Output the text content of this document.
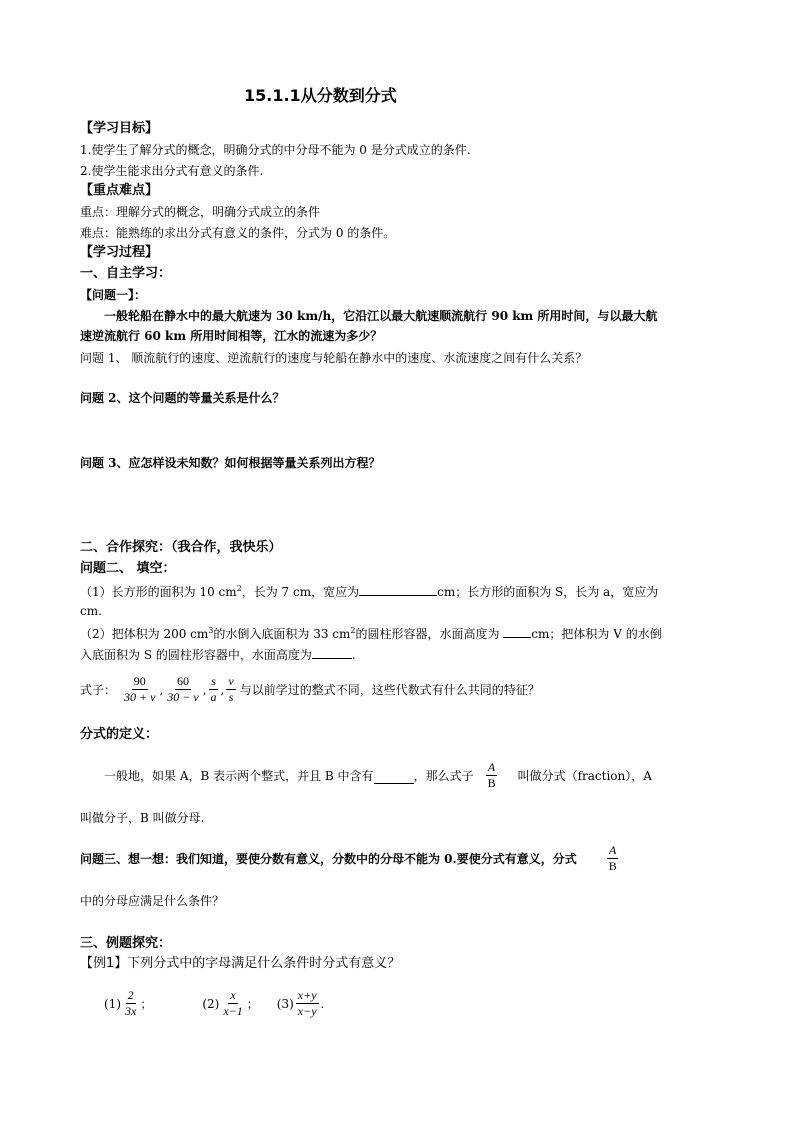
15.1.1从分数到分式
【学习目标】
1.使学生了解分式的概念，明确分式的中分母不能为 0 是分式成立的条件.
2.使学生能求出分式有意义的条件.
【重点难点】
重点：理解分式的概念，明确分式成立的条件
难点：能熟练的求出分式有意义的条件，分式为 0 的条件。
【学习过程】
一、自主学习：
【问题一】：
一般轮船在静水中的最大航速为 30 km/h，它沿江以最大航速顺流航行 90 km 所用时间，与以最大航
速逆流航行 60 km 所用时间相等，江水的流速为多少？
问题 1、 顺流航行的速度、逆流航行的速度与轮船在静水中的速度、水流速度之间有什么关系？
问题 2、这个问题的等量关系是什么？
问题 3、应怎样设未知数？如何根据等量关系列出方程？
二、合作探究：（我合作，我快乐）
问题二、 填空：
（1）长方形的面积为 10 $cm^2$，长为 7 cm，宽应为	cm；长方形的面积为 S，长为 a，宽应为
cm.
（2）把体积为 200 $cm^3$的水倒入底面积为 33 $cm^2$的圆柱形容器，水面高度为 cm；把体积为 V 的水倒
入底面积为 S 的圆柱形容器中，水面高度为	.
式子： $\frac{90}{30 + v}$ , $\frac{60}{30 - v}$ , $\frac{s}{a}$ , $\frac{v}{s}$ 与以前学过的整式不同，这些代数式有什么共同的特征？
分式的定义：
一般地，如果 A，B 表示两个整式，并且 B 中含有	，那么式子 $\frac{A}{B}$ 叫做分式（fraction），A
叫做分子，B 叫做分母.
问题三、想一想：我们知道，要使分数有意义，分数中的分母不能为 0.要使分式有意义，分式	$\frac{A}{B}$
中的分母应满足什么条件？
三、例题探究：
【例1】下列分式中的字母满足什么条件时分式有意义？
$(1) \frac{2}{3x}$ ；	$(2) \frac{x}{x-1}$ ； $(3) \frac{x+y}{x-y}$ .
